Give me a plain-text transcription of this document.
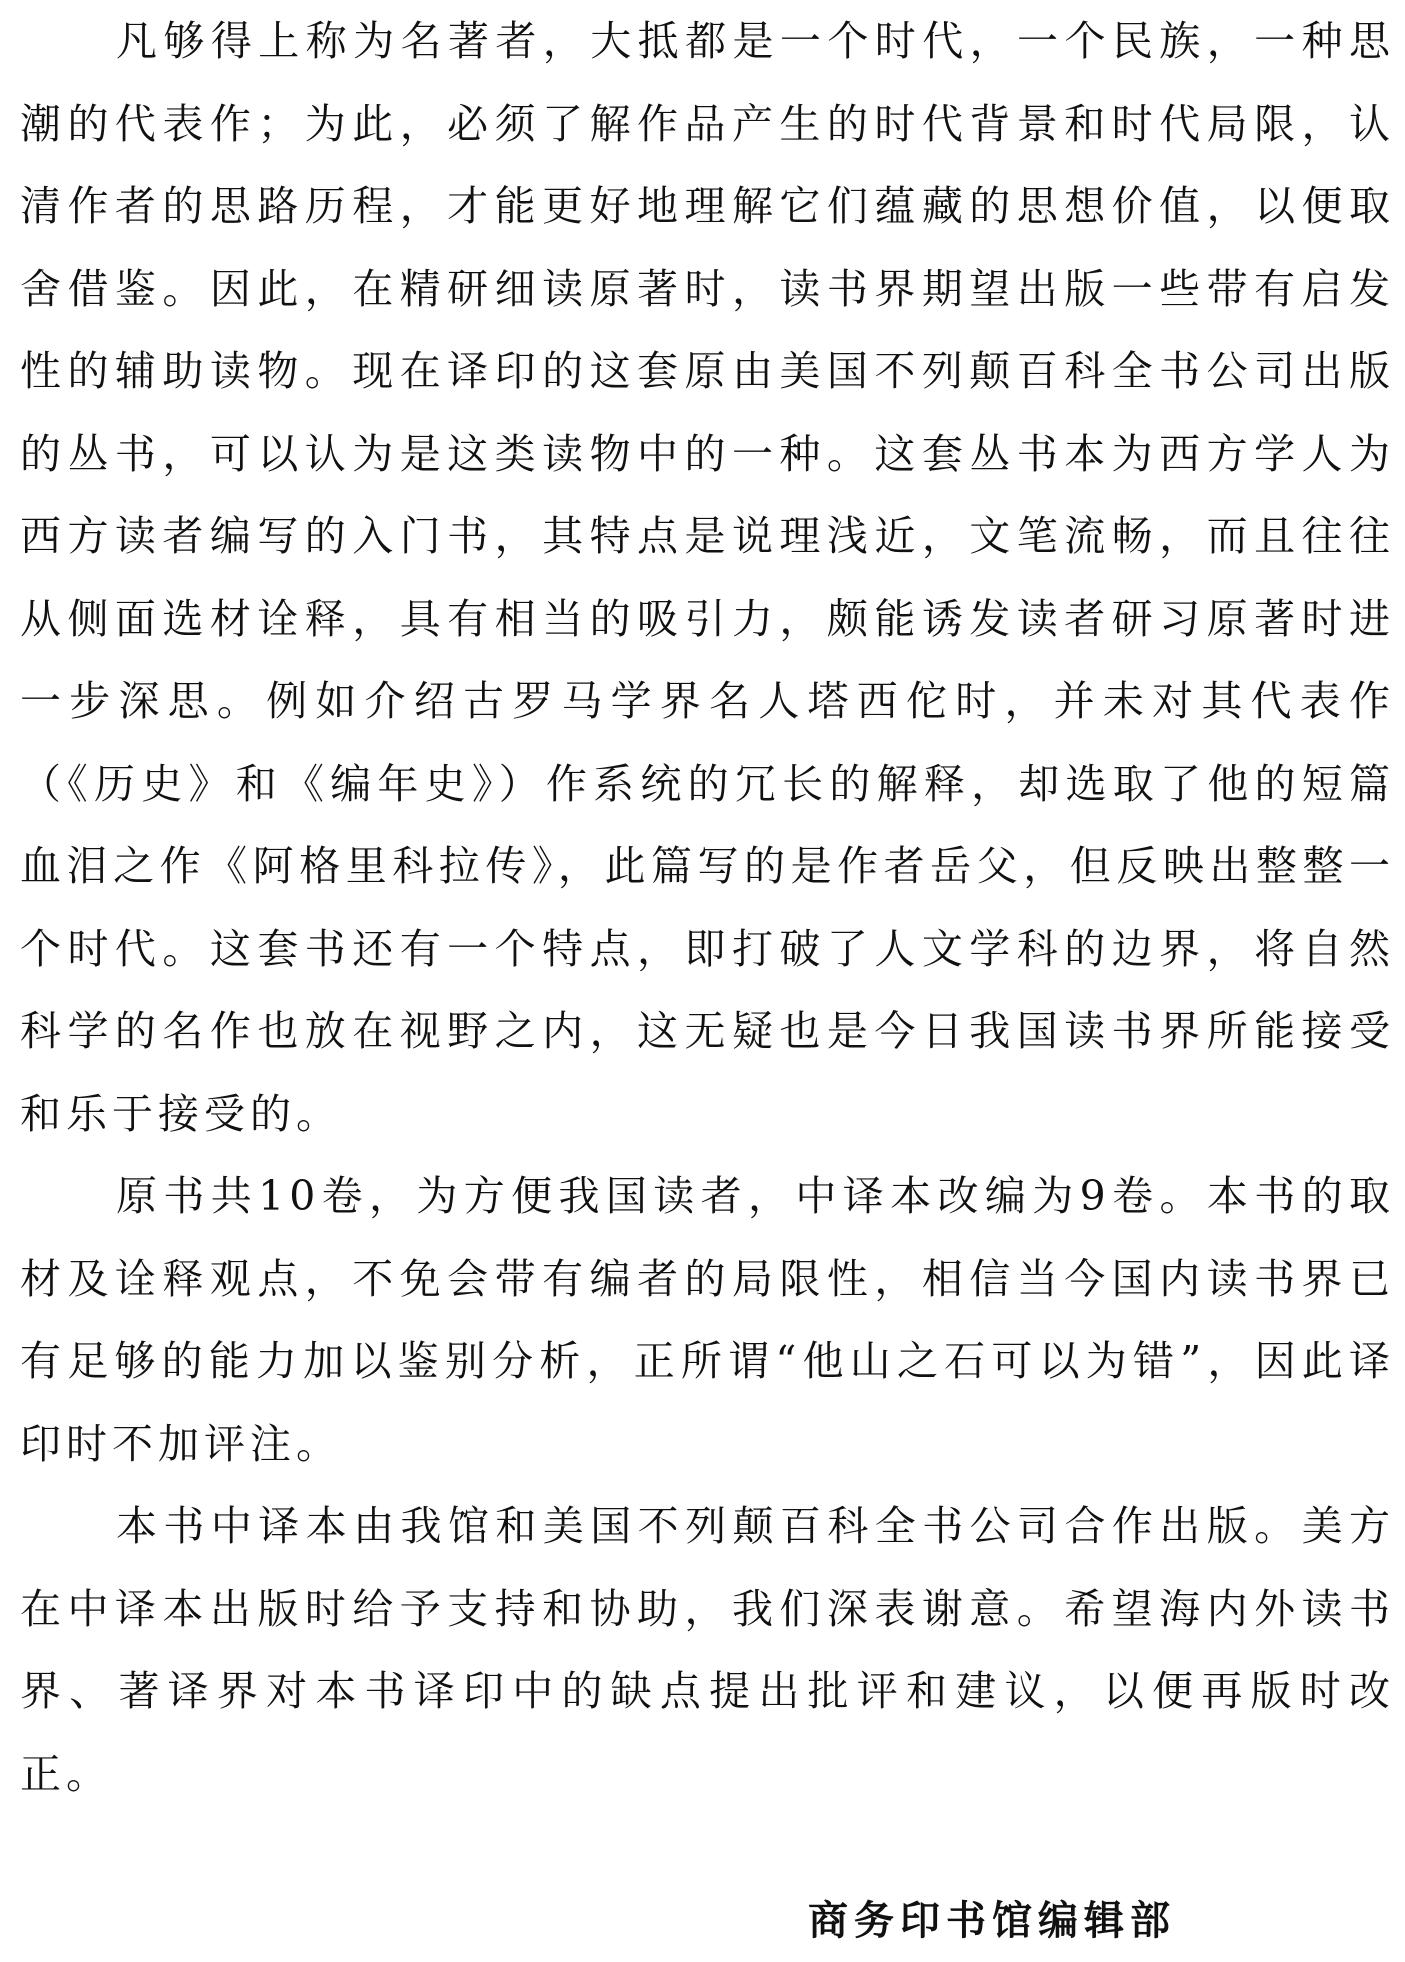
凡够得上称为名著者，大抵都是一个时代，一个民族，一种思潮的代表作；为此，必须了解作品产生的时代背景和时代局限，认清作者的思路历程，才能更好地理解它们蕴藏的思想价值，以便取舍借鉴。因此，在精研细读原著时，读书界期望出版一些带有启发性的辅助读物。现在译印的这套原由美国不列颠百科全书公司出版的丛书，可以认为是这类读物中的一种。这套丛书本为西方学人为西方读者编写的入门书，其特点是说理浅近，文笔流畅，而且往往从侧面选材诠释，具有相当的吸引力，颇能诱发读者研习原著时进一步深思。例如介绍古罗马学界名人塔西佗时，并未对其代表作（《历史》和《编年史》）作系统的冗长的解释，却选取了他的短篇血泪之作《阿格里科拉传》，此篇写的是作者岳父，但反映出整整一个时代。这套书还有一个特点，即打破了人文学科的边界，将自然科学的名作也放在视野之内，这无疑也是今日我国读书界所能接受和乐于接受的。

原书共10卷，为方便我国读者，中译本改编为9卷。本书的取材及诠释观点，不免会带有编者的局限性，相信当今国内读书界已有足够的能力加以鉴别分析，正所谓“他山之石可以为错”，因此译印时不加评注。

本书中译本由我馆和美国不列颠百科全书公司合作出版。美方在中译本出版时给予支持和协助，我们深表谢意。希望海内外读书界、著译界对本书译印中的缺点提出批评和建议，以便再版时改正。

商务印书馆编辑部
